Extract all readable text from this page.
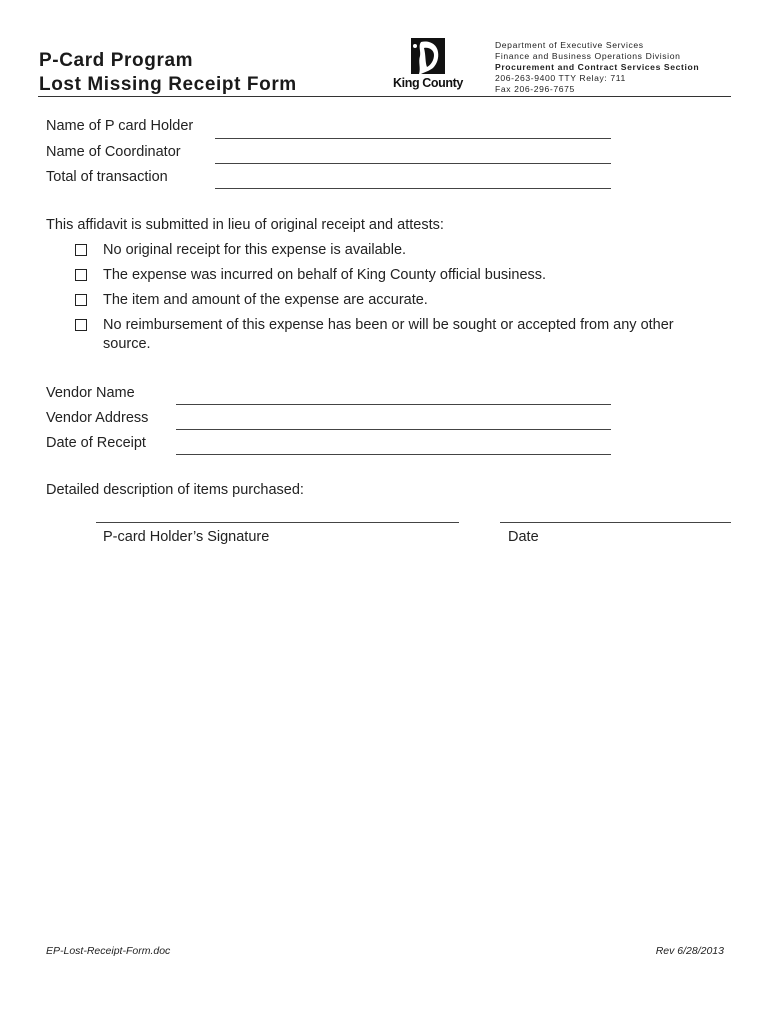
P-Card Program
Lost Missing Receipt Form	King County
Department of Executive Services
Finance and Business Operations Division
Procurement and Contract Services Section
206-263-9400 TTY Relay: 711
Fax 206-296-7675
Name of P card Holder
Name of Coordinator
Total of transaction
This affidavit is submitted in lieu of original receipt and attests:
No original receipt for this expense is available.
The expense was incurred on behalf of King County official business.
The item and amount of the expense are accurate.
No reimbursement of this expense has been or will be sought or accepted from any other
source.
Vendor Name
Vendor Address
Date of Receipt
Detailed description of items purchased:
P-card Holder’s Signature	Date
EP-Lost-Receipt-Form.doc	Rev 6/28/2013
